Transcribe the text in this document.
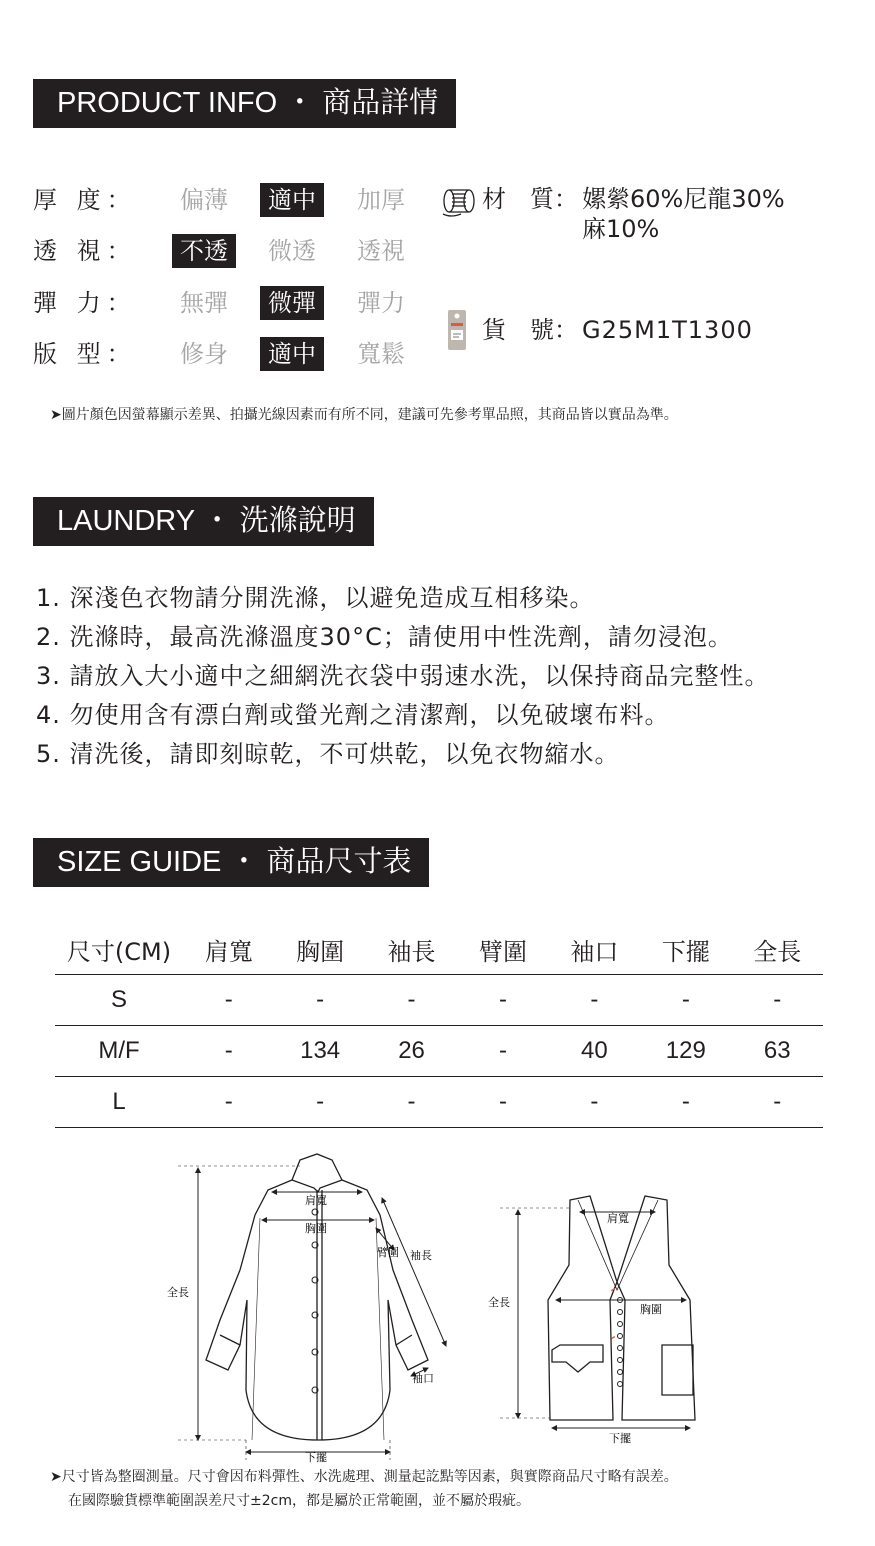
PRODUCT INFO ・ 商品詳情
厚 度：	偏薄	適中	加厚
透 視：	不透	微透	透視
彈 力：	無彈	微彈	彈力
版 型：	修身	適中	寬鬆
材　質： 嫘縈60%尼龍30%
麻10%
貨　號： G25M1T1300
➤圖片顏色因螢幕顯示差異、拍攝光線因素而有所不同，建議可先參考單品照，其商品皆以實品為準。
LAUNDRY ・ 洗滌說明
1. 深淺色衣物請分開洗滌，以避免造成互相移染。
2. 洗滌時，最高洗滌溫度30°C；請使用中性洗劑，請勿浸泡。
3. 請放入大小適中之細網洗衣袋中弱速水洗，以保持商品完整性。
4. 勿使用含有漂白劑或螢光劑之清潔劑，以免破壞布料。
5. 清洗後，請即刻晾乾，不可烘乾，以免衣物縮水。
SIZE GUIDE ・ 商品尺寸表
尺寸(CM)	肩寬	胸圍	袖長	臂圍	袖口	下擺	全長
S	-	-	-	-	-	-	-
M/F	-	134	26	-	40	129	63
L	-	-	-	-	-	-	-
肩寬
胸圍
臂圍 袖長
全長
袖口
下擺
肩寬
胸圍
全長
下擺
➤尺寸皆為整圈測量。尺寸會因布料彈性、水洗處理、測量起訖點等因素，與實際商品尺寸略有誤差。
在國際驗貨標準範圍誤差尺寸±2cm，都是屬於正常範圍，並不屬於瑕疵。
